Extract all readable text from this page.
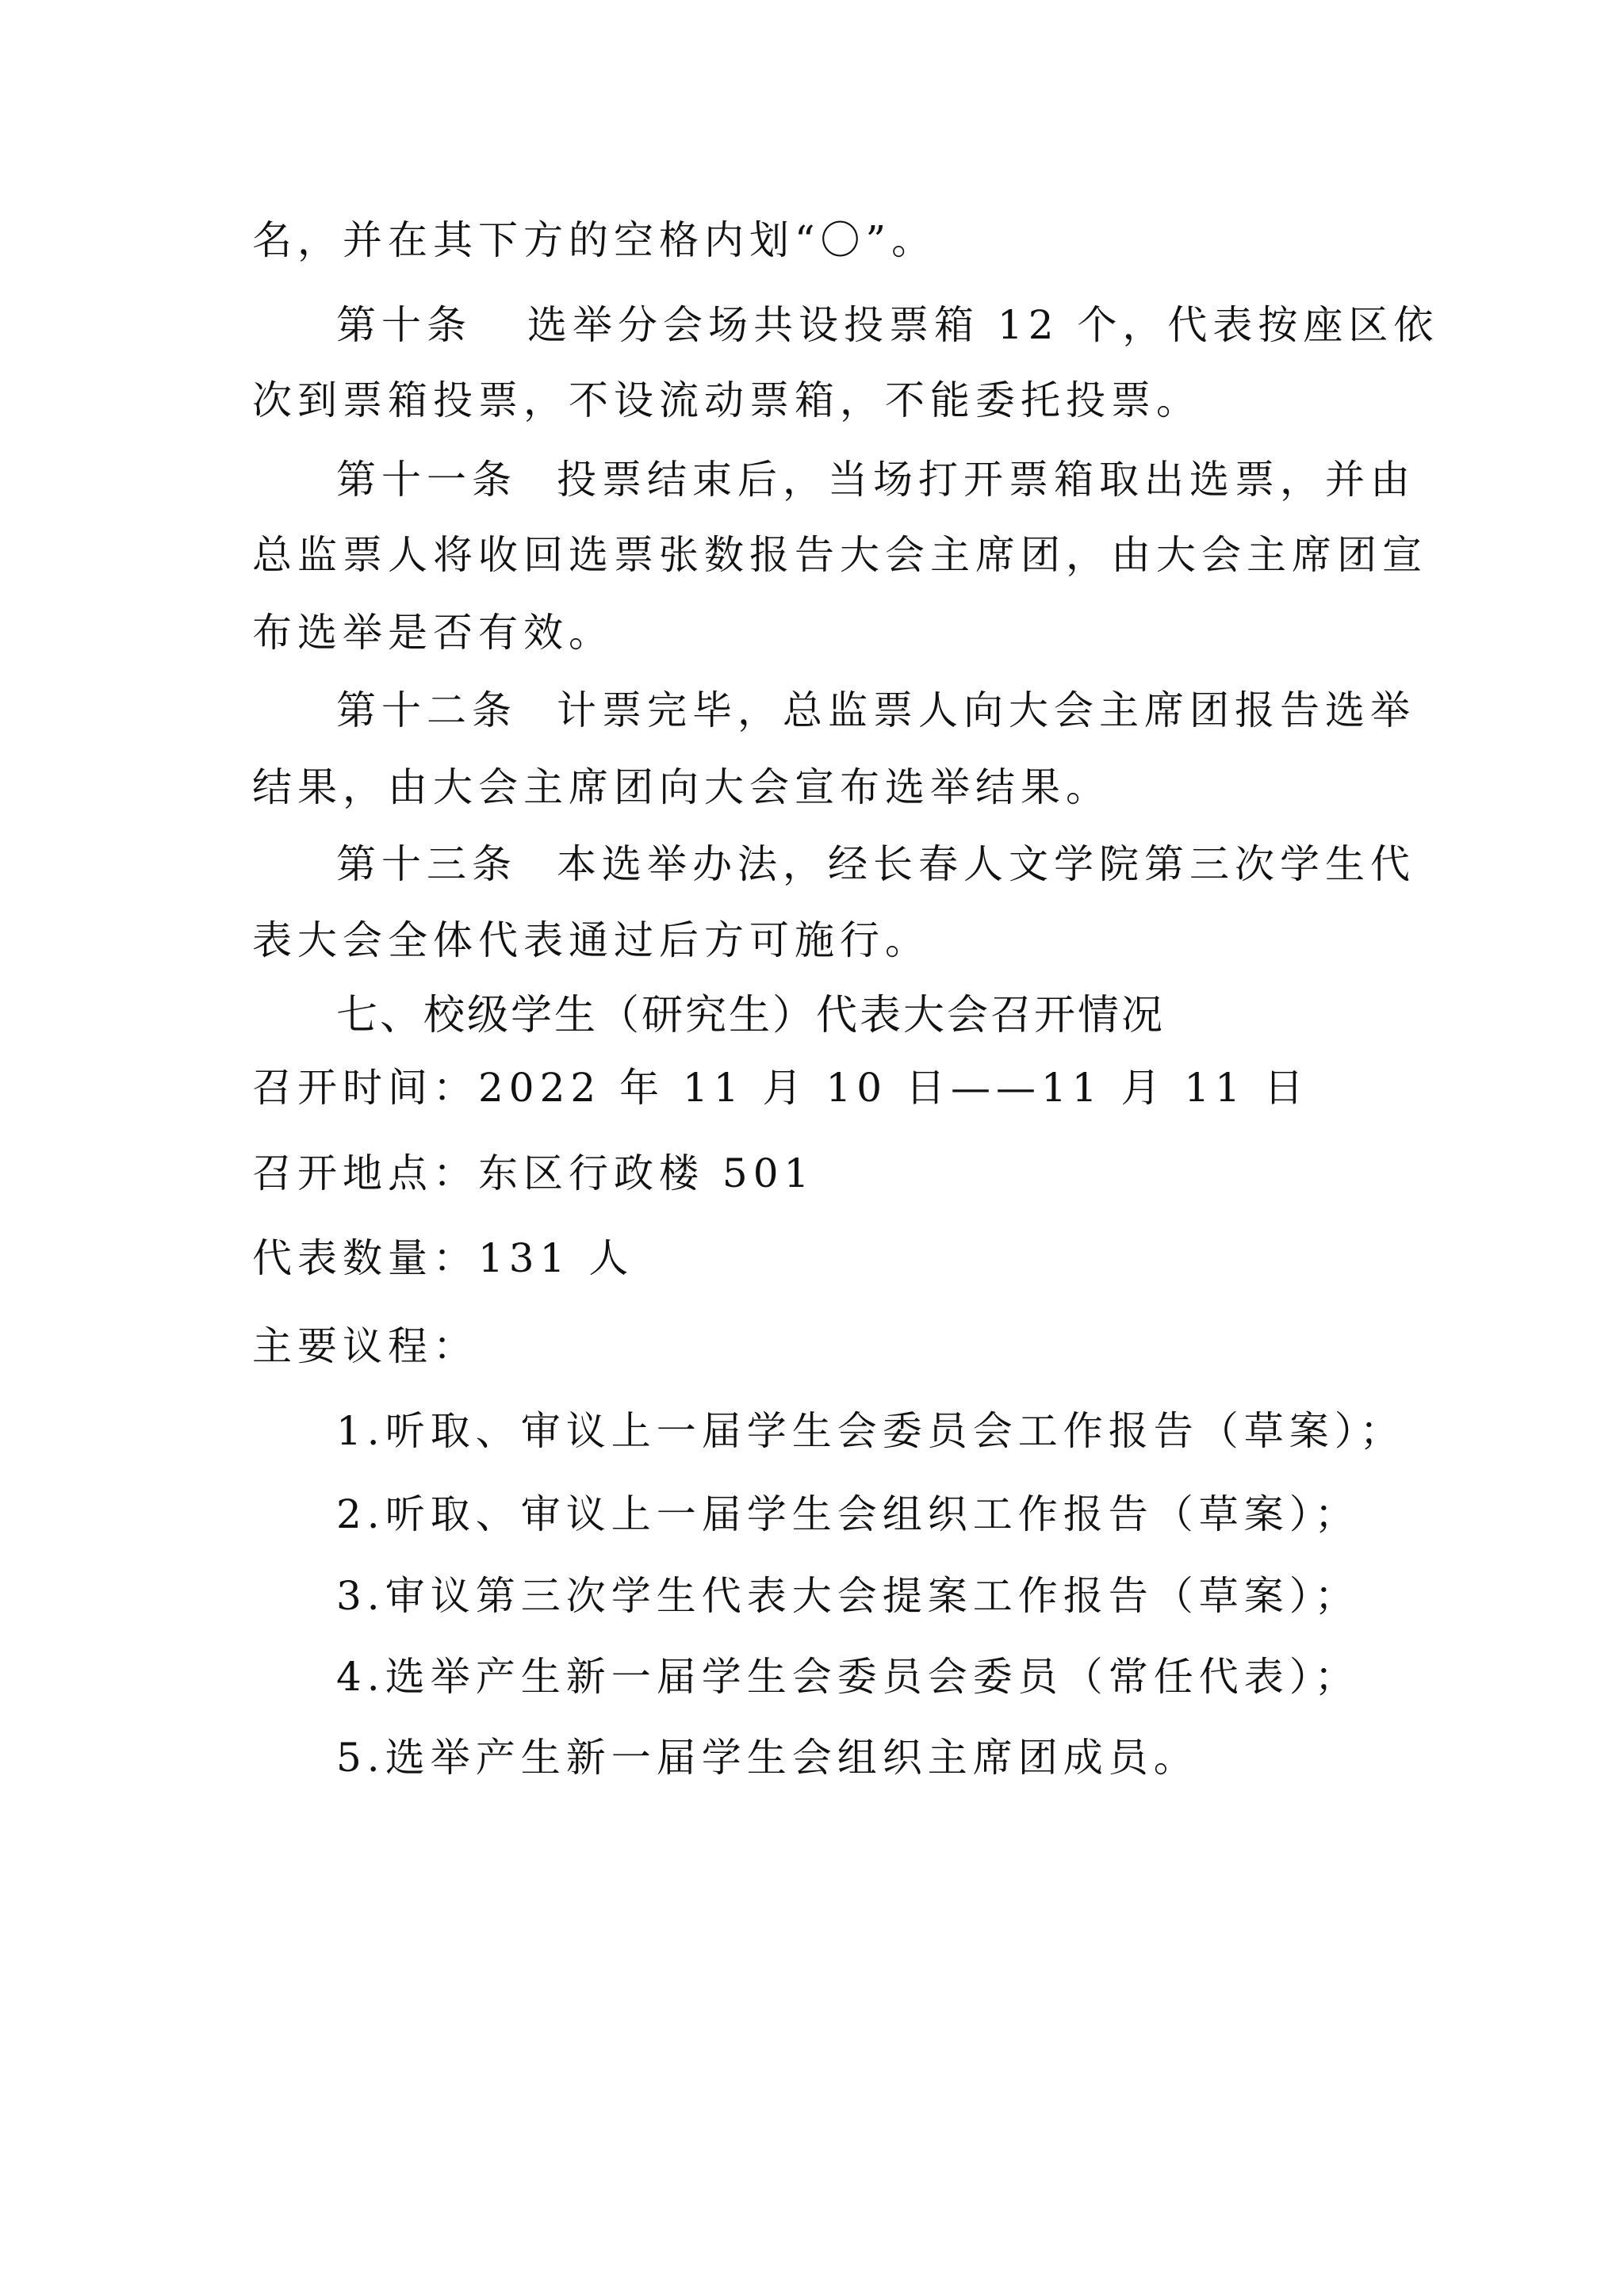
名，并在其下方的空格内划“〇”。
第十条 选举分会场共设投票箱 12 个，代表按座区依
次到票箱投票，不设流动票箱，不能委托投票。
第十一条 投票结束后，当场打开票箱取出选票，并由
总监票人将收回选票张数报告大会主席团，由大会主席团宣
布选举是否有效。
第十二条 计票完毕，总监票人向大会主席团报告选举
结果，由大会主席团向大会宣布选举结果。
第十三条 本选举办法，经长春人文学院第三次学生代
表大会全体代表通过后方可施行。
七、校级学生（研究生）代表大会召开情况
召开时间：2022 年 11 月 10 日——11 月 11 日
召开地点：东区行政楼 501
代表数量：131 人
主要议程：
1.听取、审议上一届学生会委员会工作报告（草案）；
2.听取、审议上一届学生会组织工作报告（草案）；
3.审议第三次学生代表大会提案工作报告（草案）；
4.选举产生新一届学生会委员会委员（常任代表）；
5.选举产生新一届学生会组织主席团成员。
